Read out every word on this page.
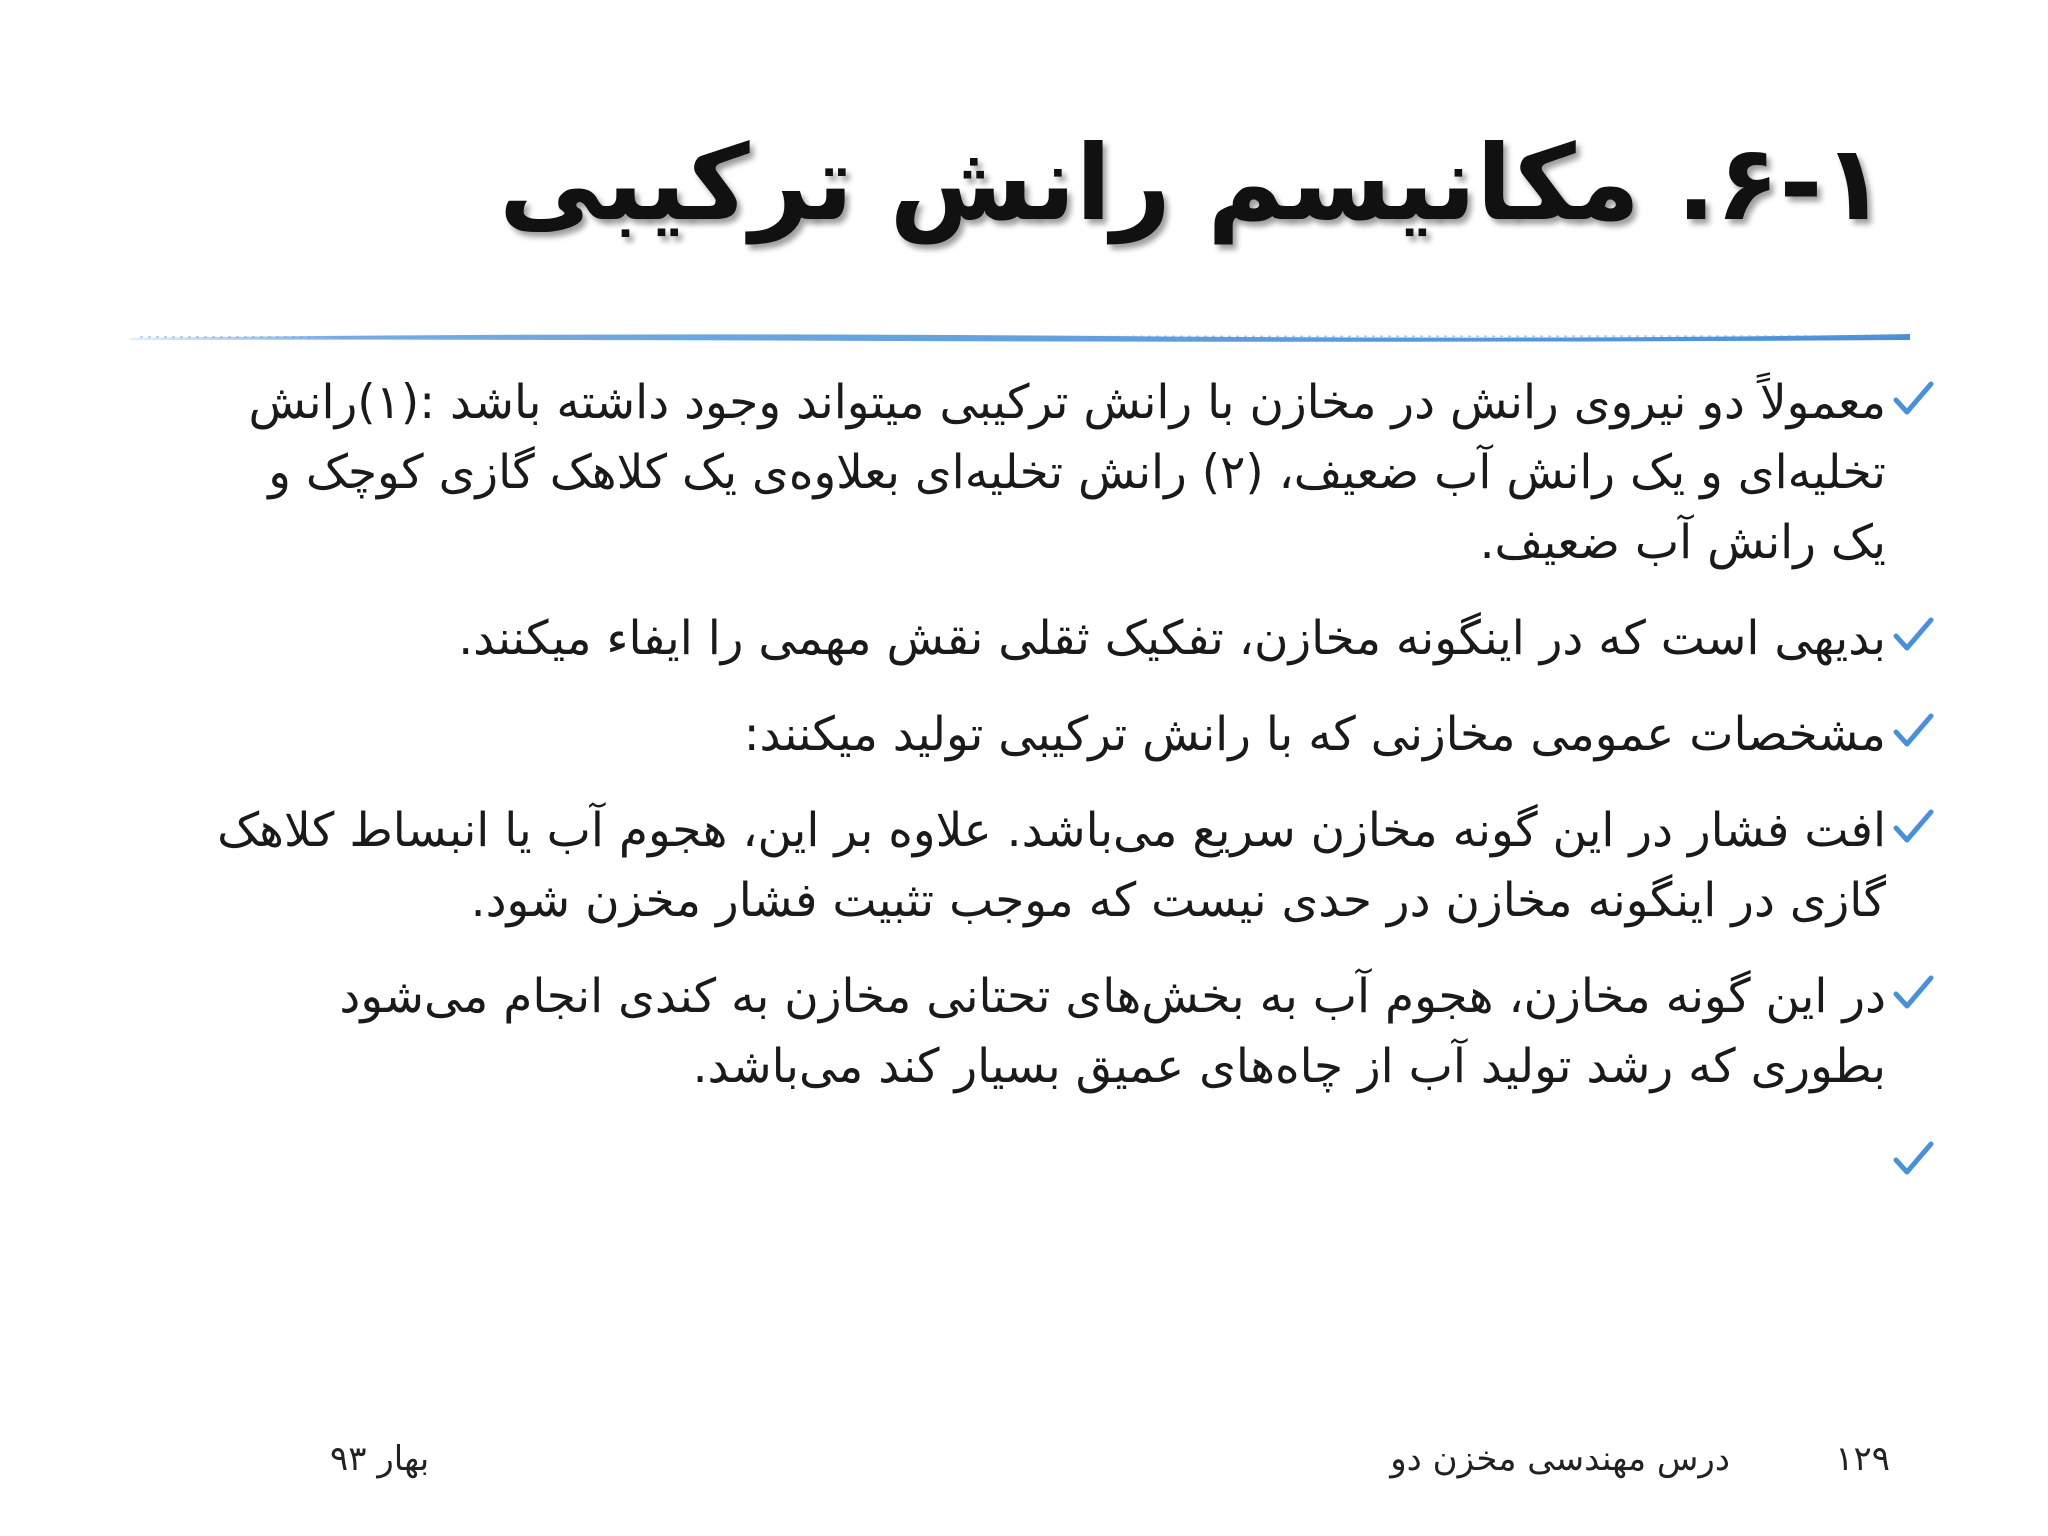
۶-۱. مکانیسم رانش ترکیبی
معمولاً دو نیروی رانش در مخازن با رانش ترکیبی میتواند وجود داشته باشد :(۱)رانش تخلیه‌ای و یک رانش آب ضعیف، (۲) رانش تخلیه‌ای بعلاوه‌ی یک کلاهک گازی کوچک و یک رانش آب ضعیف.
بدیهی است که در اینگونه مخازن، تفکیک ثقلی نقش مهمی را ایفاء میکنند.
مشخصات عمومی مخازنی که با رانش ترکیبی تولید میکنند:
افت فشار در این گونه مخازن سریع می‌باشد. علاوه بر این، هجوم آب یا انبساط کلاهک گازی در اینگونه مخازن در حدی نیست که موجب تثبیت فشار مخزن شود.
در این گونه مخازن، هجوم آب به بخش‌های تحتانی مخازن به کندی انجام می‌شود بطوری که رشد تولید آب از چاه‌های عمیق بسیار کند می‌باشد.
۱۲۹
درس مهندسی مخزن دو
بهار ۹۳
